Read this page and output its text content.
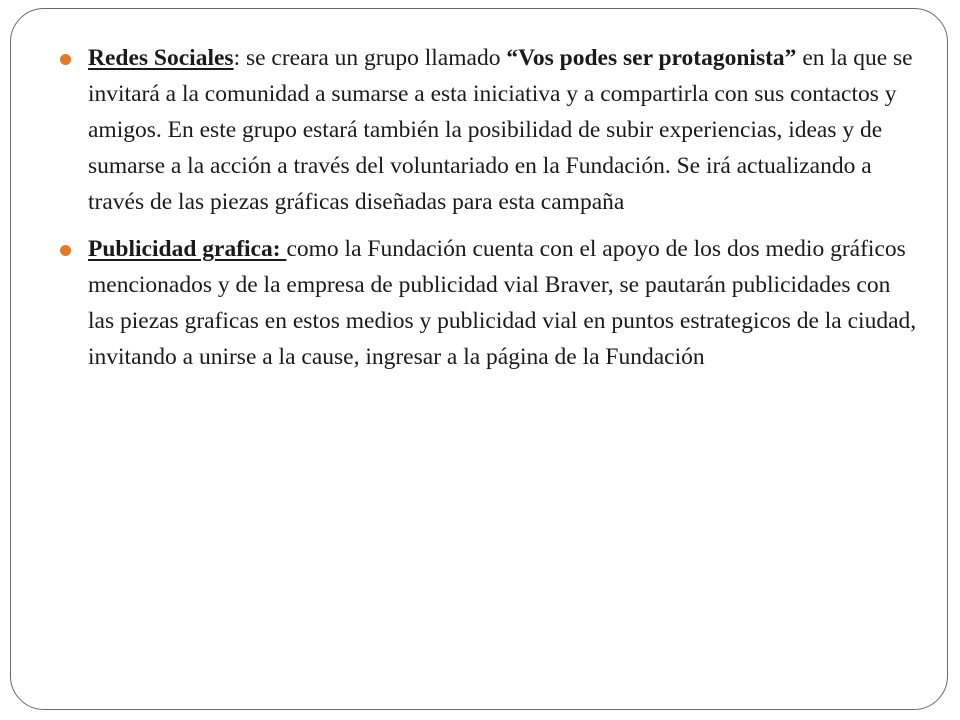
Redes Sociales: se creara un grupo llamado “Vos podes ser protagonista” en la que se invitará a la comunidad a sumarse a esta iniciativa y a compartirla con sus contactos y amigos. En este grupo estará también la posibilidad de subir experiencias, ideas y de sumarse a la acción a través del voluntariado en la Fundación. Se irá actualizando a través de las piezas gráficas diseñadas para esta campaña
Publicidad grafica: como la Fundación cuenta con el apoyo de los dos medio gráficos mencionados y de la empresa de publicidad vial Braver, se pautarán publicidades con las piezas graficas en estos medios y publicidad vial en puntos estrategicos de la ciudad, invitando a unirse a la cause, ingresar a la página de la Fundación
